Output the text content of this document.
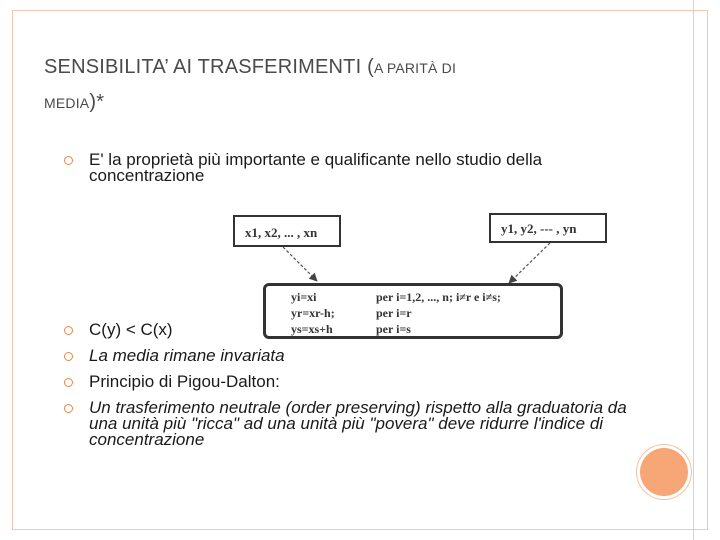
SENSIBILITA’ AI TRASFERIMENTI (A PARITÀ DI
MEDIA)*
E' la proprietà più importante e qualificante nello studio della concentrazione
C(y) < C(x)
La media rimane invariata
Principio di Pigou-Dalton:
Un trasferimento neutrale (order preserving) rispetto alla graduatoria da una unità più "ricca" ad una unità più "povera" deve ridurre l'indice di concentrazione
x1, x2, ... , xn	y1, y2, --- , yn
yi=xi	per i=1,2, ..., n; i≠r e i≠s;
yr=xr-h;	per i=r
ys=xs+h	per i=s
